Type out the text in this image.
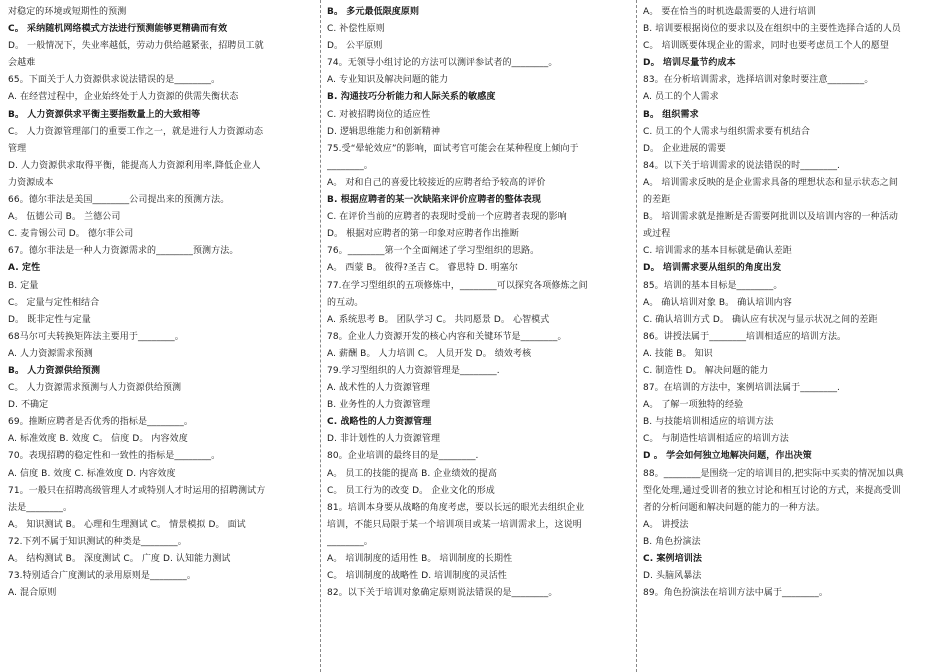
对稳定的环境或短期性的预测
C。 采纳随机网络模式方法进行预测能够更精确而有效
D。 一般情况下，失业率越低，劳动力供给越紧张，招聘员工就
会越难
65。下面关于人力资源供求说法错误的是________。
A. 在经营过程中，企业始终处于人力资源的供需失衡状态
B。 人力资源供求平衡主要指数量上的大致相等
C。 人力资源管理部门的重要工作之一，就是进行人力资源动态
管理
D. 人力资源供求取得平衡，能提高人力资源利用率,降低企业人
力资源成本
66。德尔菲法是美国________公司提出来的预测方法。
A。 伍德公司 B。 兰德公司
C. 麦肯锡公司 D。 德尔菲公司
67。德尔菲法是一种人力资源需求的________预测方法。
A. 定性
B. 定量
C。 定量与定性相结合
D。 既非定性与定量
68马尔可夫转换矩阵法主要用于________。
A. 人力资源需求预测
B。 人力资源供给预测
C。 人力资源需求预测与人力资源供给预测
D. 不确定
69。推断应聘者是否优秀的指标是________。
A. 标准效度 B. 效度 C。 信度 D。 内容效度
70。表现招聘的稳定性和一致性的指标是________。
A. 信度 B. 效度 C. 标准效度 D. 内容效度
71。一般只在招聘高级管理人才或特别人才时运用的招聘测试方
法是________。
A。 知识测试 B。 心理和生理测试 C。 情景模拟 D。 面试
72.下列不属于知识测试的种类是________。
A。 结构测试 B。 深度测试 C。 广度 D. 认知能力测试
73.特别适合广度测试的录用原则是________。
A. 混合原则
B。 多元最低限度原则
C. 补偿性原则
D。 公平原则
74。无领导小组讨论的方法可以测评参试者的________。
A. 专业知识及解决问题的能力
B. 沟通技巧分析能力和人际关系的敏感度
C. 对被招聘岗位的适应性
D. 逻辑思维能力和创新精神
75.受“晕轮效应”的影响，面试考官可能会在某种程度上倾向于
________。
A。 对和自己的喜爱比较接近的应聘者给予较高的评价
B. 根据应聘者的某一次缺陷来评价应聘者的整体表现
C. 在评价当前的应聘者的表现时受前一个应聘者表现的影响
D。 根据对应聘者的第一印象对应聘者作出推断
76。________第一个全面阐述了学习型组织的思路。
A。 西蒙 B。 彼得?圣吉 C。 睿思特 D. 明塞尔
77.在学习型组织的五项修炼中，________可以探究各项修炼之间
的互动。
A. 系统思考 B。 团队学习 C。 共同愿景 D。 心智模式
78。企业人力资源开发的核心内容和关键环节是________。
A. 薪酬 B。 人力培训 C。 人员开发 D。 绩效考核
79.学习型组织的人力资源管理是________.
A. 战术性的人力资源管理
B. 业务性的人力资源管理
C. 战略性的人力资源管理
D. 非计划性的人力资源管理
80。企业培训的最终目的是________.
A。 员工的技能的提高 B. 企业绩效的提高
C。 员工行为的改变 D。 企业文化的形成
81。培训本身要从战略的角度考虑，要以长远的眼光去组织企业
培训，不能只局限于某一个培训项目或某一培训需求上，这说明
________。
A。 培训制度的适用性 B。 培训制度的长期性
C。 培训制度的战略性 D. 培训制度的灵活性
82。以下关于培训对象确定原则说法错误的是________。
A。 要在恰当的时机选最需要的人进行培训
B. 培训要根据岗位的要求以及在组织中的主要性选择合适的人员
C。 培训既要体现企业的需求，同时也要考虑员工个人的愿望
D。 培训尽量节约成本
83。在分析培训需求，选择培训对象时要注意________。
A. 员工的个人需求
B。 组织需求
C. 员工的个人需求与组织需求要有机结合
D。 企业进展的需要
84。以下关于培训需求的说法错误的时________.
A。 培训需求反映的是企业需求具备的理想状态和显示状态之间
的差距
B。 培训需求就是推断是否需要阿批训以及培训内容的一种活动
或过程
C. 培训需求的基本目标就是确认差距
D。 培训需求要从组织的角度出发
85。培训的基本目标是________。
A。 确认培训对象 B。 确认培训内容
C. 确认培训方式 D。 确认应有状况与显示状况之间的差距
86。讲授法属于________培训相适应的培训方法。
A. 技能 B。 知识
C. 制造性 D。 解决问题的能力
87。在培训的方法中，案例培训法属于________.
A。 了解一项独特的经验
B. 与技能培训相适应的培训方法
C。 与制造性培训相适应的培训方法
D 。 学会如何独立地解决问题，作出决策
88。________是围绕一定的培训目的,把实际中买卖的情况加以典
型化处理,通过受训者的独立讨论和相互讨论的方式，来提高受训
者的分析问题和解决问题的能力的一种方法。
A。 讲授法
B. 角色扮演法
C. 案例培训法
D. 头脑风暴法
89。角色扮演法在培训方法中属于________。
